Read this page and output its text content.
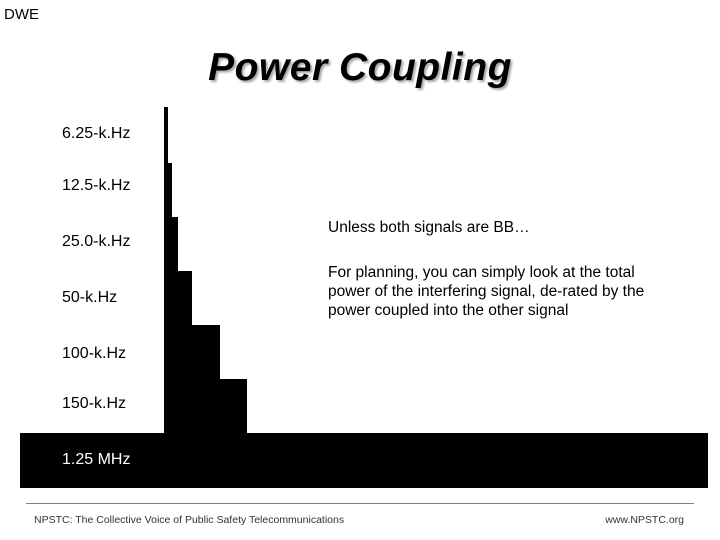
DWE
Power Coupling
6.25-k.Hz
12.5-k.Hz
25.0-k.Hz
50-k.Hz
100-k.Hz
150-k.Hz
1.25 MHz
Unless both signals are BB…
For planning, you can simply look at the total power of the interfering signal, de-rated by the power coupled into the other signal
NPSTC: The Collective Voice of Public Safety Telecommunications	www.NPSTC.org
